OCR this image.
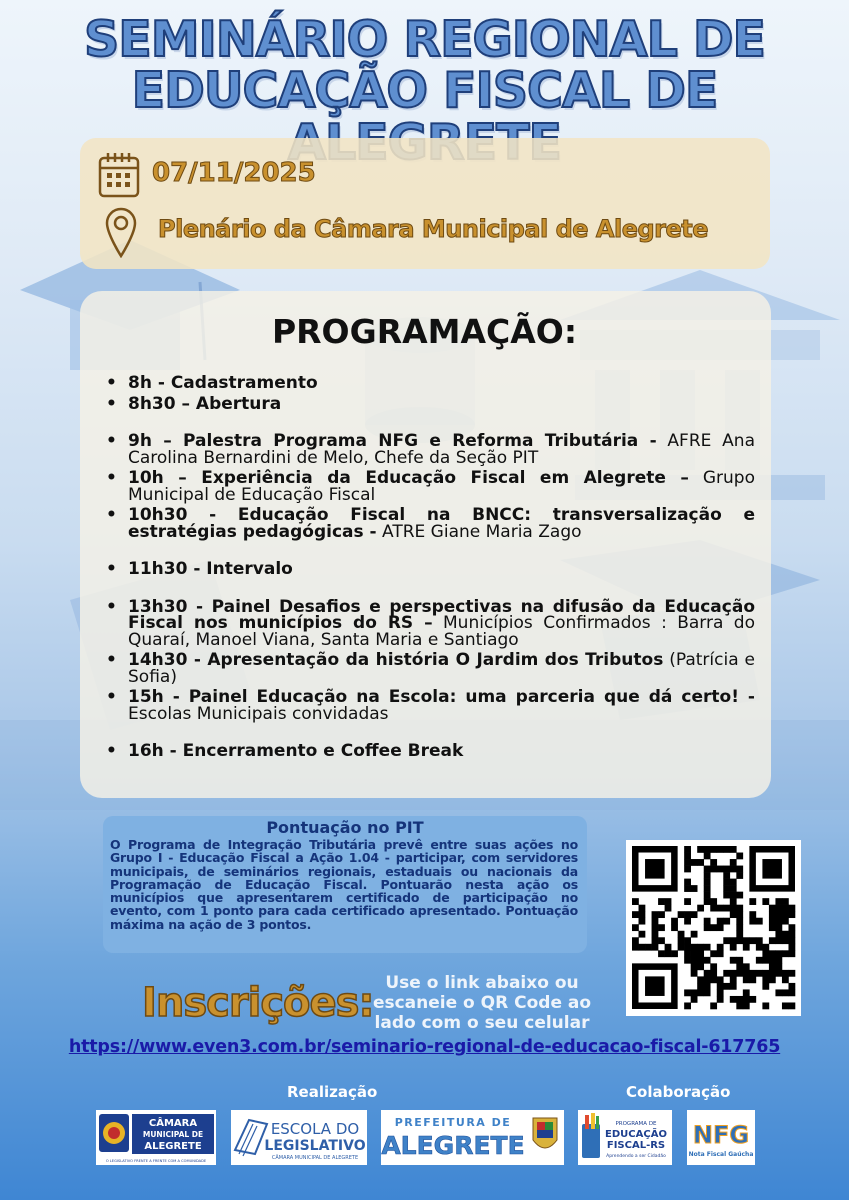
SEMINÁRIO REGIONAL DE
EDUCAÇÃO FISCAL DE
07/11/2025
Plenário da Câmara Municipal de Alegrete
PROGRAMAÇÃO:
• 8h - Cadastramento
• 8h30 – Abertura
• 9h – Palestra Programa NFG e Reforma Tributária - AFRE Ana Carolina Bernardini de Melo, Chefe da Seção PIT
• 10h – Experiência da Educação Fiscal em Alegrete – Grupo Municipal de Educação Fiscal
• 10h30 - Educação Fiscal na BNCC: transversalização e estratégias pedagógicas - ATRE Giane Maria Zago
• 11h30 - Intervalo
• 13h30 - Painel Desafios e perspectivas na difusão da Educação Fiscal nos municípios do RS – Municípios Confirmados : Barra do Quaraí, Manoel Viana, Santa Maria e Santiago
• 14h30 - Apresentação da história O Jardim dos Tributos (Patrícia e Sofia)
• 15h - Painel Educação na Escola: uma parceria que dá certo! - Escolas Municipais convidadas
• 16h - Encerramento e Coffee Break
Pontuação no PIT
O Programa de Integração Tributária prevê entre suas ações no Grupo I - Educação Fiscal a Ação 1.04 - participar, com servidores municipais, de seminários regionais, estaduais ou nacionais da Programação de Educação Fiscal. Pontuarão nesta ação os municípios que apresentarem certificado de participação no evento, com 1 ponto para cada certificado apresentado. Pontuação máxima na ação de 3 pontos.
Inscrições: Use o link abaixo ou escaneie o QR Code ao lado com o seu celular
https://www.even3.com.br/seminario-regional-de-educacao-fiscal-617765
Realização	Colaboração
CÂMARA
MUNICIPAL DE
ALEGRETE
O LEGISLATIVO FRENTE A FRENTE COM A COMUNIDADE
ESCOLA DO
LEGISLATIVO
CÂMARA MUNICIPAL DE ALEGRETE
PREFEITURA DE
ALEGRETE
PROGRAMA DE
EDUCAÇÃO
FISCAL-RS
Aprendendo a ser Cidadão
NFG
Nota Fiscal Gaúcha
